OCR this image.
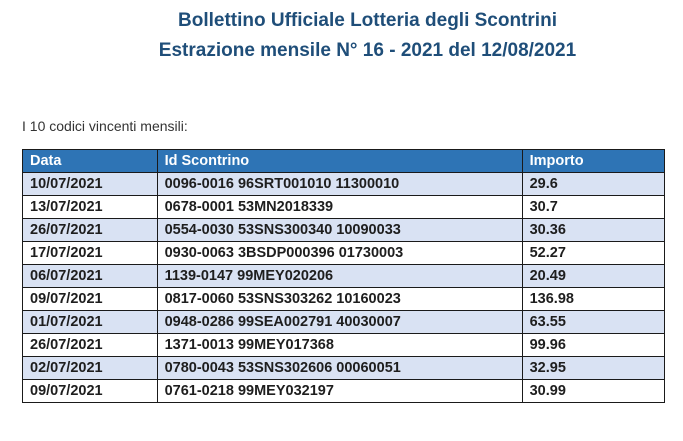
Bollettino Ufficiale Lotteria degli Scontrini
Estrazione mensile N° 16 - 2021 del 12/08/2021
I 10 codici vincenti mensili:
Data	Id Scontrino	Importo
10/07/2021	0096-0016 96SRT001010 11300010	29.6
13/07/2021	0678-0001 53MN2018339	30.7
26/07/2021	0554-0030 53SNS300340 10090033	30.36
17/07/2021	0930-0063 3BSDP000396 01730003	52.27
06/07/2021	1139-0147 99MEY020206	20.49
09/07/2021	0817-0060 53SNS303262 10160023	136.98
01/07/2021	0948-0286 99SEA002791 40030007	63.55
26/07/2021	1371-0013 99MEY017368	99.96
02/07/2021	0780-0043 53SNS302606 00060051	32.95
09/07/2021	0761-0218 99MEY032197	30.99
